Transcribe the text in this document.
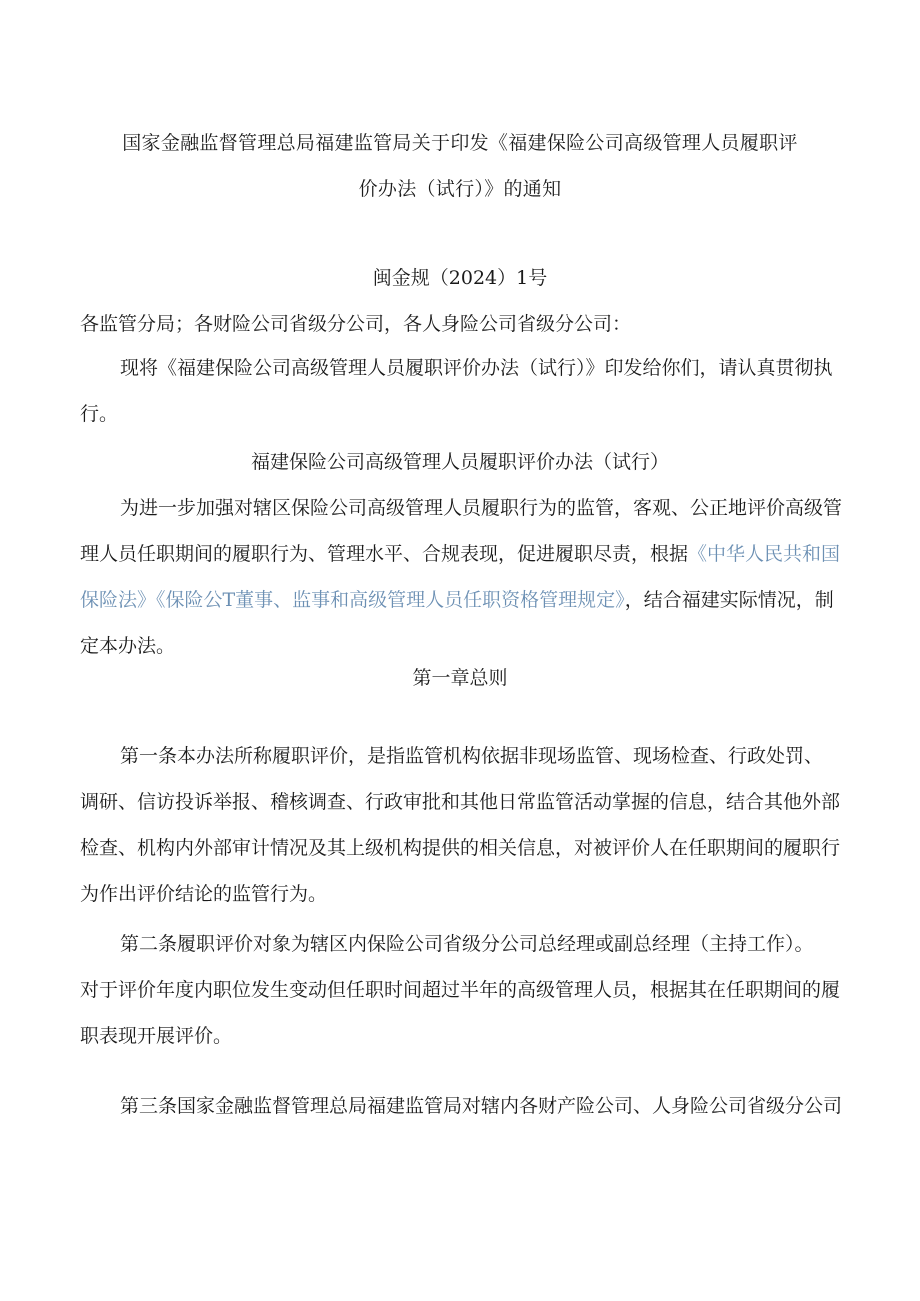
国家金融监督管理总局福建监管局关于印发《福建保险公司高级管理人员履职评
价办法（试行）》的通知
闽金规（2024）1号
各监管分局；各财险公司省级分公司，各人身险公司省级分公司：
现将《福建保险公司高级管理人员履职评价办法（试行）》印发给你们，请认真贯彻执
行。
福建保险公司高级管理人员履职评价办法（试行）
为进一步加强对辖区保险公司高级管理人员履职行为的监管，客观、公正地评价高级管
理人员任职期间的履职行为、管理水平、合规表现，促进履职尽责，根据《中华人民共和国
保险法》《保险公T董事、监事和高级管理人员任职资格管理规定》，结合福建实际情况，制
定本办法。
第一章总则
第一条本办法所称履职评价，是指监管机构依据非现场监管、现场检查、行政处罚、
调研、信访投诉举报、稽核调查、行政审批和其他日常监管活动掌握的信息，结合其他外部
检查、机构内外部审计情况及其上级机构提供的相关信息，对被评价人在任职期间的履职行
为作出评价结论的监管行为。
第二条履职评价对象为辖区内保险公司省级分公司总经理或副总经理（主持工作）。
对于评价年度内职位发生变动但任职时间超过半年的高级管理人员，根据其在任职期间的履
职表现开展评价。
第三条国家金融监督管理总局福建监管局对辖内各财产险公司、人身险公司省级分公司
